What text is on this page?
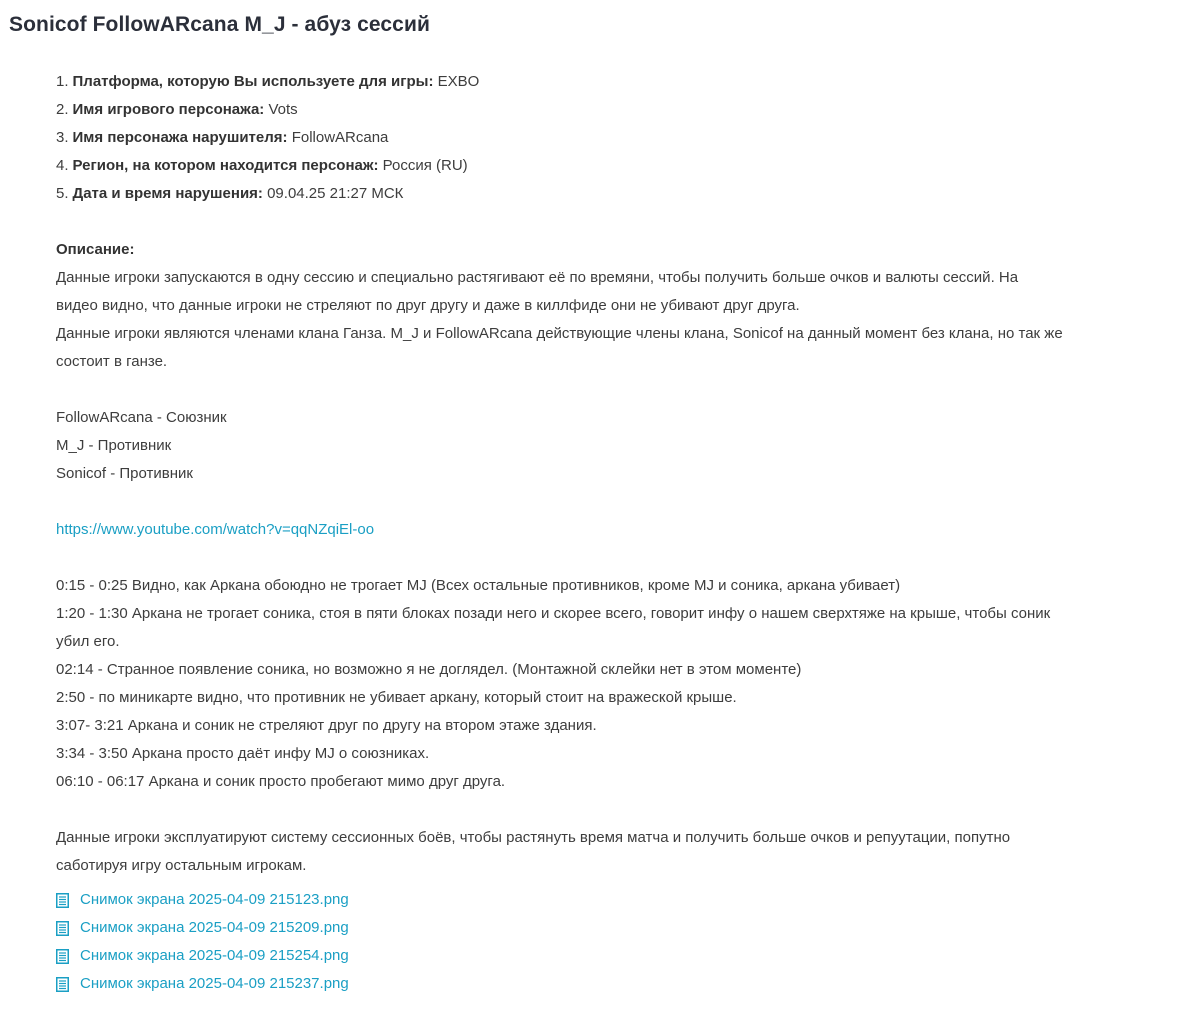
Sonicof FollowARcana M_J - абуз сессий
1. Платформа, которую Вы используете для игры: EXBO
2. Имя игрового персонажа: Vots
3. Имя персонажа нарушителя: FollowARcana
4. Регион, на котором находится персонаж: Россия (RU)
5. Дата и время нарушения: 09.04.25 21:27 МСК
Описание:
Данные игроки запускаются в одну сессию и специально растягивают её по времяни, чтобы получить больше очков и валюты сессий. На
видео видно, что данные игроки не стреляют по друг другу и даже в киллфиде они не убивают друг друга.
Данные игроки являются членами клана Ганза. M_J и FollowARcana действующие члены клана, Sonicof на данный момент без клана, но так же
состоит в ганзе.
FollowARcana - Союзник
M_J - Противник
Sonicof - Противник
https://www.youtube.com/watch?v=qqNZqiEl-oo
0:15 - 0:25 Видно, как Аркана обоюдно не трогает MJ (Всех остальные противников, кроме MJ и соника, аркана убивает)
1:20 - 1:30 Аркана не трогает соника, стоя в пяти блоках позади него и скорее всего, говорит инфу о нашем сверхтяже на крыше, чтобы соник
убил его.
02:14 - Странное появление соника, но возможно я не доглядел. (Монтажной склейки нет в этом моменте)
2:50 - по миникарте видно, что противник не убивает аркану, который стоит на вражеской крыше.
3:07- 3:21 Аркана и соник не стреляют друг по другу на втором этаже здания.
3:34 - 3:50 Аркана просто даёт инфу MJ о союзниках.
06:10 - 06:17 Аркана и соник просто пробегают мимо друг друга.
Данные игроки эксплуатируют систему сессионных боёв, чтобы растянуть время матча и получить больше очков и репуутации, попутно
саботируя игру остальным игрокам.
Снимок экрана 2025-04-09 215123.png
Снимок экрана 2025-04-09 215209.png
Снимок экрана 2025-04-09 215254.png
Снимок экрана 2025-04-09 215237.png
